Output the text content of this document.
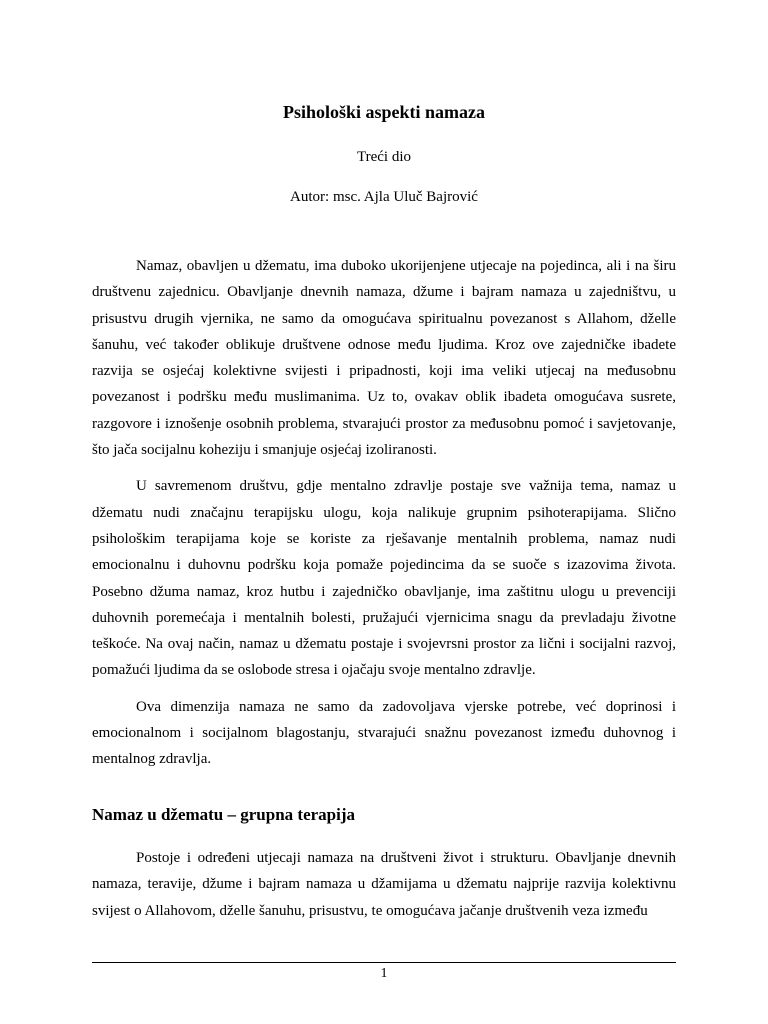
Psihološki aspekti namaza
Treći dio
Autor: msc. Ajla Uluč Bajrović

Namaz, obavljen u džematu, ima duboko ukorijenjene utjecaje na pojedinca, ali i na širu društvenu zajednicu. Obavljanje dnevnih namaza, džume i bajram namaza u zajedništvu, u prisustvu drugih vjernika, ne samo da omogućava spiritualnu povezanost s Allahom, dželle šanuhu, već također oblikuje društvene odnose među ljudima. Kroz ove zajedničke ibadete razvija se osjećaj kolektivne svijesti i pripadnosti, koji ima veliki utjecaj na međusobnu povezanost i podršku među muslimanima. Uz to, ovakav oblik ibadeta omogućava susrete, razgovore i iznošenje osobnih problema, stvarajući prostor za međusobnu pomoć i savjetovanje, što jača socijalnu koheziju i smanjuje osjećaj izoliranosti.

U savremenom društvu, gdje mentalno zdravlje postaje sve važnija tema, namaz u džematu nudi značajnu terapijsku ulogu, koja nalikuje grupnim psihoterapijama. Slično psihološkim terapijama koje se koriste za rješavanje mentalnih problema, namaz nudi emocionalnu i duhovnu podršku koja pomaže pojedincima da se suoče s izazovima života. Posebno džuma namaz, kroz hutbu i zajedničko obavljanje, ima zaštitnu ulogu u prevenciji duhovnih poremećaja i mentalnih bolesti, pružajući vjernicima snagu da prevladaju životne teškoće. Na ovaj način, namaz u džematu postaje i svojevrsni prostor za lični i socijalni razvoj, pomažući ljudima da se oslobode stresa i ojačaju svoje mentalno zdravlje.

Ova dimenzija namaza ne samo da zadovoljava vjerske potrebe, već doprinosi i emocionalnom i socijalnom blagostanju, stvarajući snažnu povezanost između duhovnog i mentalnog zdravlja.

Namaz u džematu – grupna terapija

Postoje i određeni utjecaji namaza na društveni život i strukturu. Obavljanje dnevnih namaza, teravije, džume i bajram namaza u džamijama u džematu najprije razvija kolektivnu svijest o Allahovom, dželle šanuhu, prisustvu, te omogućava jačanje društvenih veza između

1
